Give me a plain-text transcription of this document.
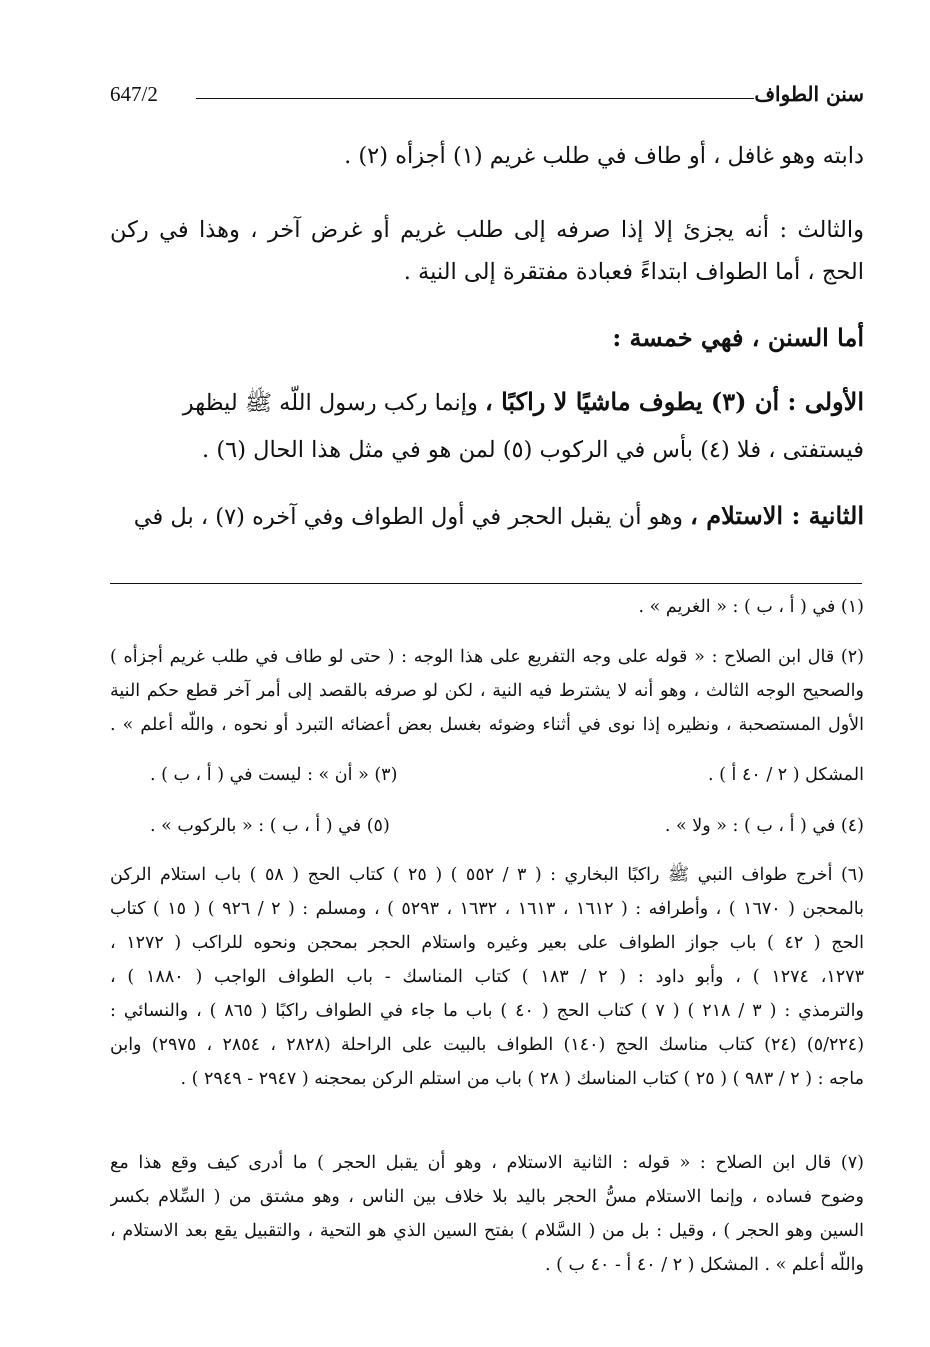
سنن الطواف
647/2
دابته وهو غافل ، أو طاف في طلب غريم (١) أجزأه (٢) .
والثالث : أنه يجزئ إلا إذا صرفه إلى طلب غريم أو غرض آخر ، وهذا في ركن
الحج ، أما الطواف ابتداءً فعبادة مفتقرة إلى النية .
أما السنن ، فهي خمسة :
الأولى : أن (٣) يطوف ماشيًا لا راكبًا ، وإنما ركب رسول اللّه ﷺ ليظهر
فيستفتى ، فلا (٤) بأس في الركوب (٥) لمن هو في مثل هذا الحال (٦) .
الثانية : الاستلام ، وهو أن يقبل الحجر في أول الطواف وفي آخره (٧) ، بل في
(١) في ( أ ، ب ) : « الغريم » .
(٢) قال ابن الصلاح : « قوله على وجه التفريع على هذا الوجه : ( حتى لو طاف في طلب غريم أجزأه )
والصحيح الوجه الثالث ، وهو أنه لا يشترط فيه النية ، لكن لو صرفه بالقصد إلى أمر آخر قطع حكم النية
الأول المستصحبة ، ونظيره إذا نوى في أثناء وضوئه بغسل بعض أعضائه التبرد أو نحوه ، واللّه أعلم » .
المشكل ( ٢ / ٤٠ أ ) .
(٣) « أن » : ليست في ( أ ، ب ) .
(٤) في ( أ ، ب ) : « ولا » .
(٥) في ( أ ، ب ) : « بالركوب » .
(٦) أخرج طواف النبي ﷺ راكبًا البخاري : ( ٣ / ٥٥٢ ) ( ٢٥ ) كتاب الحج ( ٥٨ ) باب استلام الركن
بالمحجن ( ١٦٧٠ ) ، وأطرافه : ( ١٦١٢ ، ١٦١٣ ، ١٦٣٢ ، ٥٢٩٣ ) ، ومسلم : ( ٢ / ٩٢٦ ) ( ١٥ ) كتاب
الحج ( ٤٢ ) باب جواز الطواف على بعير وغيره واستلام الحجر بمحجن ونحوه للراكب ( ١٢٧٢ ،
١٢٧٣، ١٢٧٤ ) ، وأبو داود : ( ٢ / ١٨٣ ) كتاب المناسك - باب الطواف الواجب ( ١٨٨٠ ) ،
والترمذي : ( ٣ / ٢١٨ ) ( ٧ ) كتاب الحج ( ٤٠ ) باب ما جاء في الطواف راكبًا ( ٨٦٥ ) ، والنسائي :
(٥/٢٢٤) (٢٤) كتاب مناسك الحج (١٤٠) الطواف بالبيت على الراحلة (٢٨٢٨ ، ٢٨٥٤ ، ٢٩٧٥) وابن
ماجه : ( ٢ / ٩٨٣ ) ( ٢٥ ) كتاب المناسك ( ٢٨ ) باب من استلم الركن بمحجنه ( ٢٩٤٧ - ٢٩٤٩ ) .
(٧) قال ابن الصلاح : « قوله : الثانية الاستلام ، وهو أن يقبل الحجر ) ما أدرى كيف وقع هذا مع
وضوح فساده ، وإنما الاستلام مسُّ الحجر باليد بلا خلاف بين الناس ، وهو مشتق من ( السِّلام بكسر
السين وهو الحجر ) ، وقيل : بل من ( السَّلام ) بفتح السين الذي هو التحية ، والتقبيل يقع بعد الاستلام ،
واللّه أعلم » . المشكل ( ٢ / ٤٠ أ - ٤٠ ب ) .
